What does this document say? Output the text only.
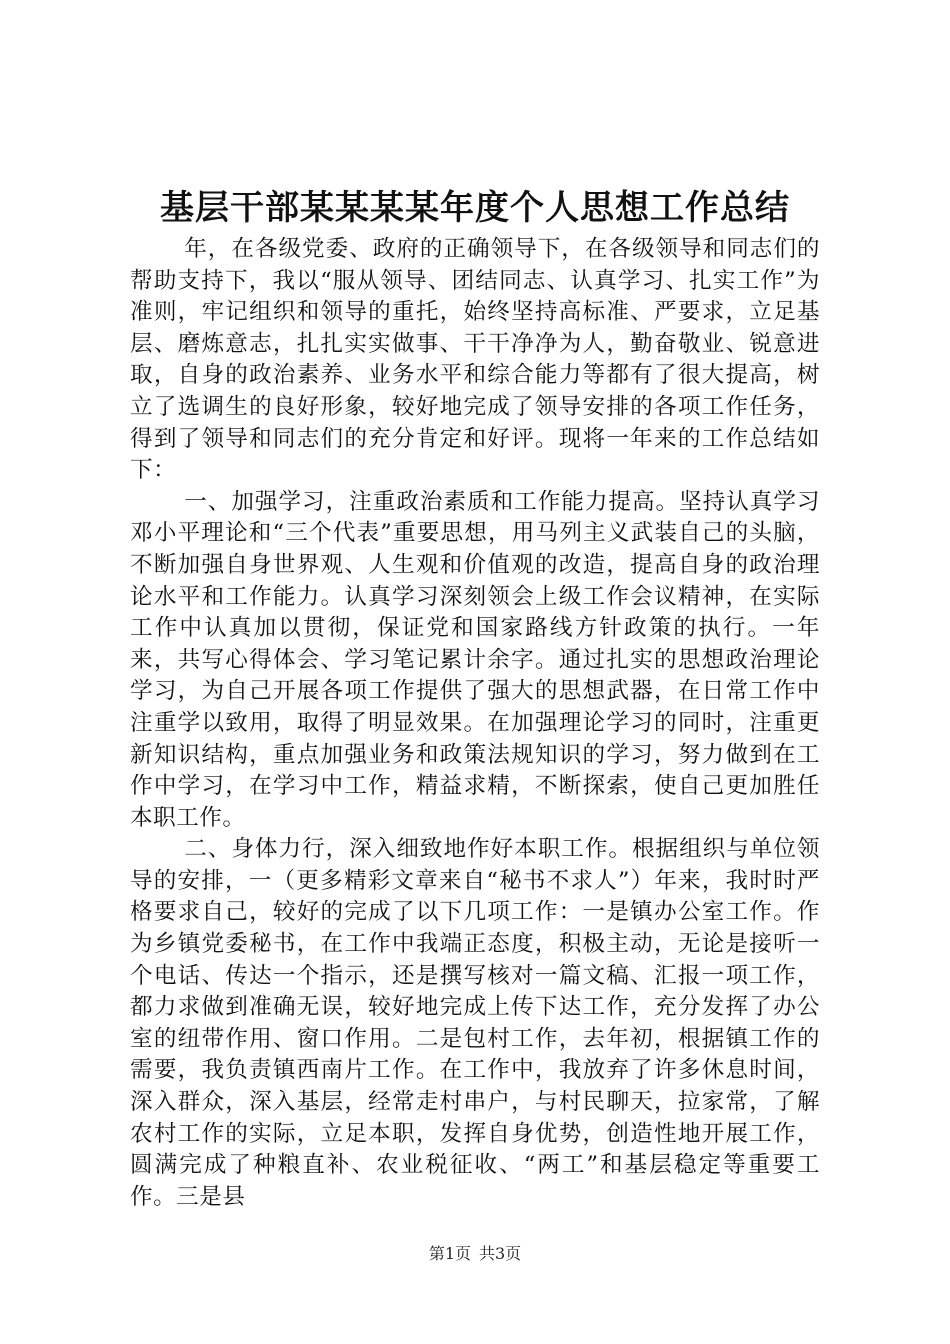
基层干部某某某某年度个人思想工作总结

年，在各级党委、政府的正确领导下，在各级领导和同志们的帮助支持下，我以“服从领导、团结同志、认真学习、扎实工作”为准则，牢记组织和领导的重托，始终坚持高标准、严要求，立足基层、磨炼意志，扎扎实实做事、干干净净为人，勤奋敬业、锐意进取，自身的政治素养、业务水平和综合能力等都有了很大提高，树立了选调生的良好形象，较好地完成了领导安排的各项工作任务，得到了领导和同志们的充分肯定和好评。现将一年来的工作总结如下：

一、加强学习，注重政治素质和工作能力提高。坚持认真学习邓小平理论和“三个代表”重要思想，用马列主义武装自己的头脑，不断加强自身世界观、人生观和价值观的改造，提高自身的政治理论水平和工作能力。认真学习深刻领会上级工作会议精神，在实际工作中认真加以贯彻，保证党和国家路线方针政策的执行。一年来，共写心得体会、学习笔记累计余字。通过扎实的思想政治理论学习，为自己开展各项工作提供了强大的思想武器，在日常工作中注重学以致用，取得了明显效果。在加强理论学习的同时，注重更新知识结构，重点加强业务和政策法规知识的学习，努力做到在工作中学习，在学习中工作，精益求精，不断探索，使自己更加胜任本职工作。

二、身体力行，深入细致地作好本职工作。根据组织与单位领导的安排，一（更多精彩文章来自“秘书不求人”）年来，我时时严格要求自己，较好的完成了以下几项工作：一是镇办公室工作。作为乡镇党委秘书，在工作中我端正态度，积极主动，无论是接听一个电话、传达一个指示，还是撰写核对一篇文稿、汇报一项工作，都力求做到准确无误，较好地完成上传下达工作，充分发挥了办公室的纽带作用、窗口作用。二是包村工作，去年初，根据镇工作的需要，我负责镇西南片工作。在工作中，我放弃了许多休息时间，深入群众，深入基层，经常走村串户，与村民聊天，拉家常，了解农村工作的实际，立足本职，发挥自身优势，创造性地开展工作，圆满完成了种粮直补、农业税征收、“两工”和基层稳定等重要工作。三是县

第1页 共3页
